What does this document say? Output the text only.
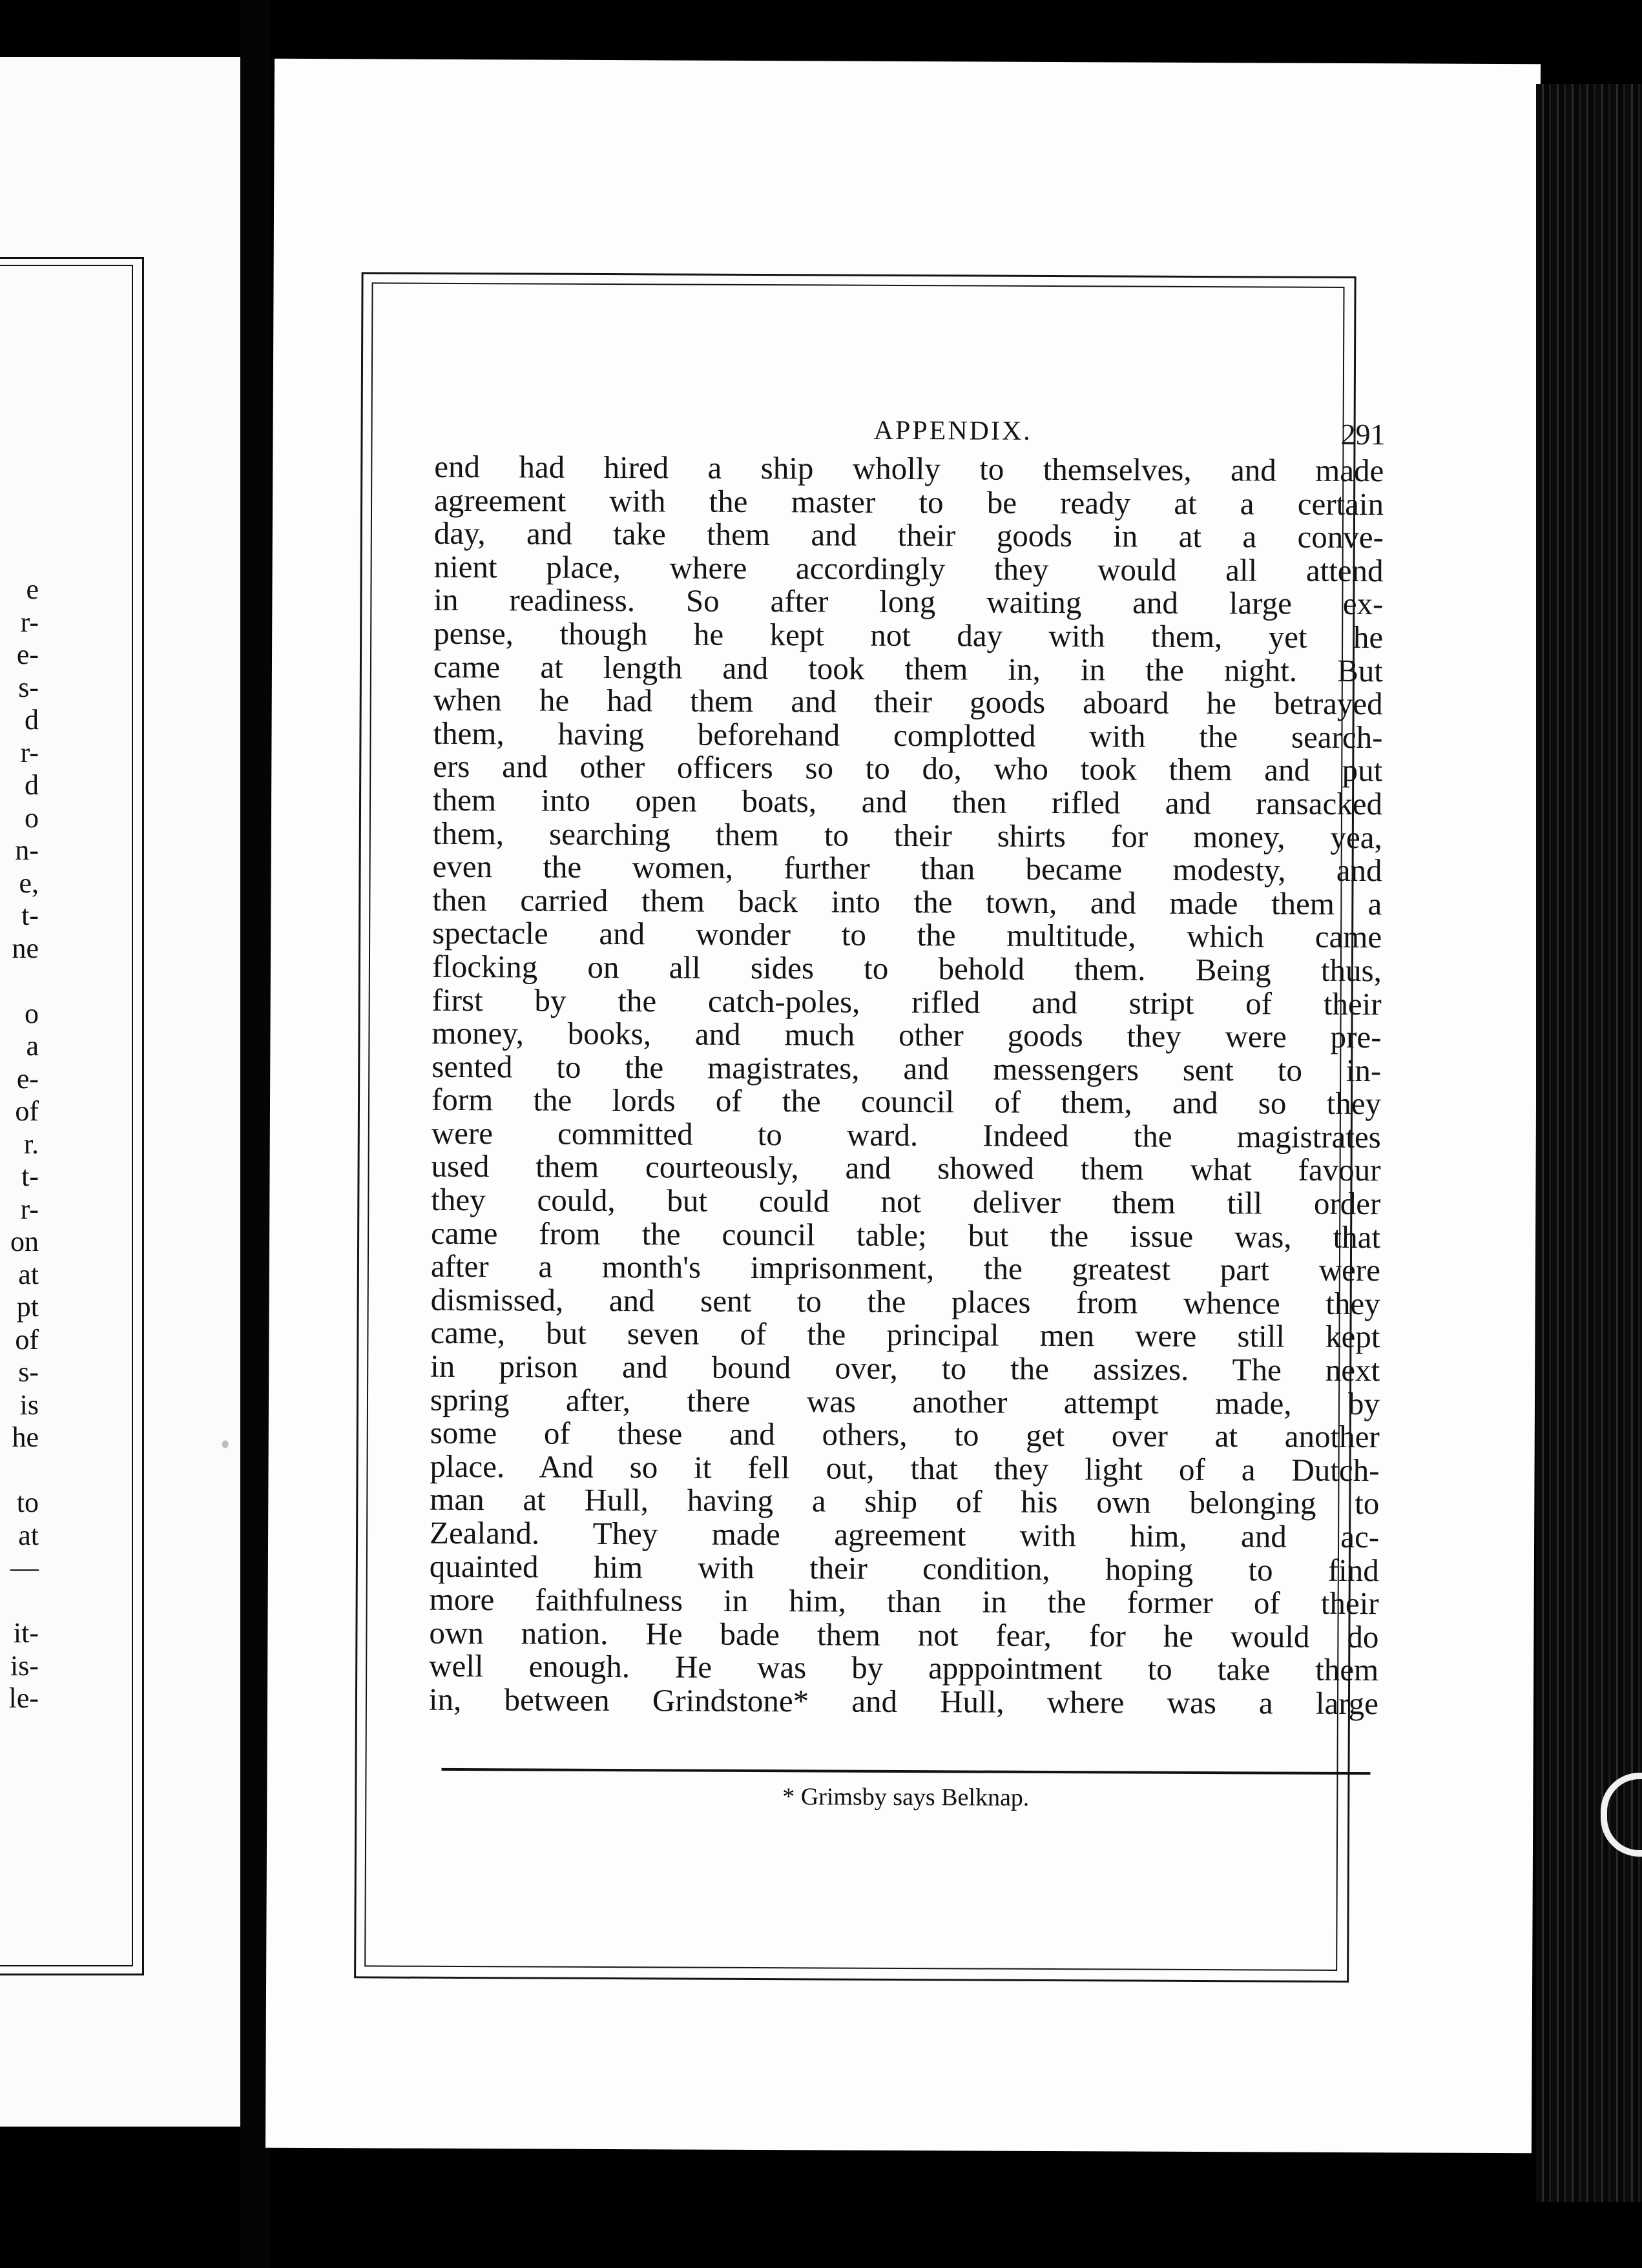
e
r-
e-
s-
d
r-
d
o
n-
e,
t-
ne
o
a
e-
of
r.
t-
r-
on
at
pt
of
s-
is
he
to
at
—
it-
is-
le-
APPENDIX.	291
end had hired a ship wholly to themselves, and made
agreement with the master to be ready at a certain
day, and take them and their goods in at a conve-
nient place, where accordingly they would all attend
in readiness. So after long waiting and large ex-
pense, though he kept not day with them, yet he
came at length and took them in, in the night. But
when he had them and their goods aboard he betrayed
them, having beforehand complotted with the search-
ers and other officers so to do, who took them and put
them into open boats, and then rifled and ransacked
them, searching them to their shirts for money, yea,
even the women, further than became modesty, and
then carried them back into the town, and made them a
spectacle and wonder to the multitude, which came
flocking on all sides to behold them. Being thus,
first by the catch-poles, rifled and stript of their
money, books, and much other goods they were pre-
sented to the magistrates, and messengers sent to in-
form the lords of the council of them, and so they
were committed to ward. Indeed the magistrates
used them courteously, and showed them what favour
they could, but could not deliver them till order
came from the council table; but the issue was, that
after a month's imprisonment, the greatest part were
dismissed, and sent to the places from whence they
came, but seven of the principal men were still kept
in prison and bound over, to the assizes. The next
spring after, there was another attempt made, by
some of these and others, to get over at another
place. And so it fell out, that they light of a Dutch-
man at Hull, having a ship of his own belonging to
Zealand. They made agreement with him, and ac-
quainted him with their condition, hoping to find
more faithfulness in him, than in the former of their
own nation. He bade them not fear, for he would do
well enough. He was by apppointment to take them
in, between Grindstone* and Hull, where was a large
* Grimsby says Belknap.
